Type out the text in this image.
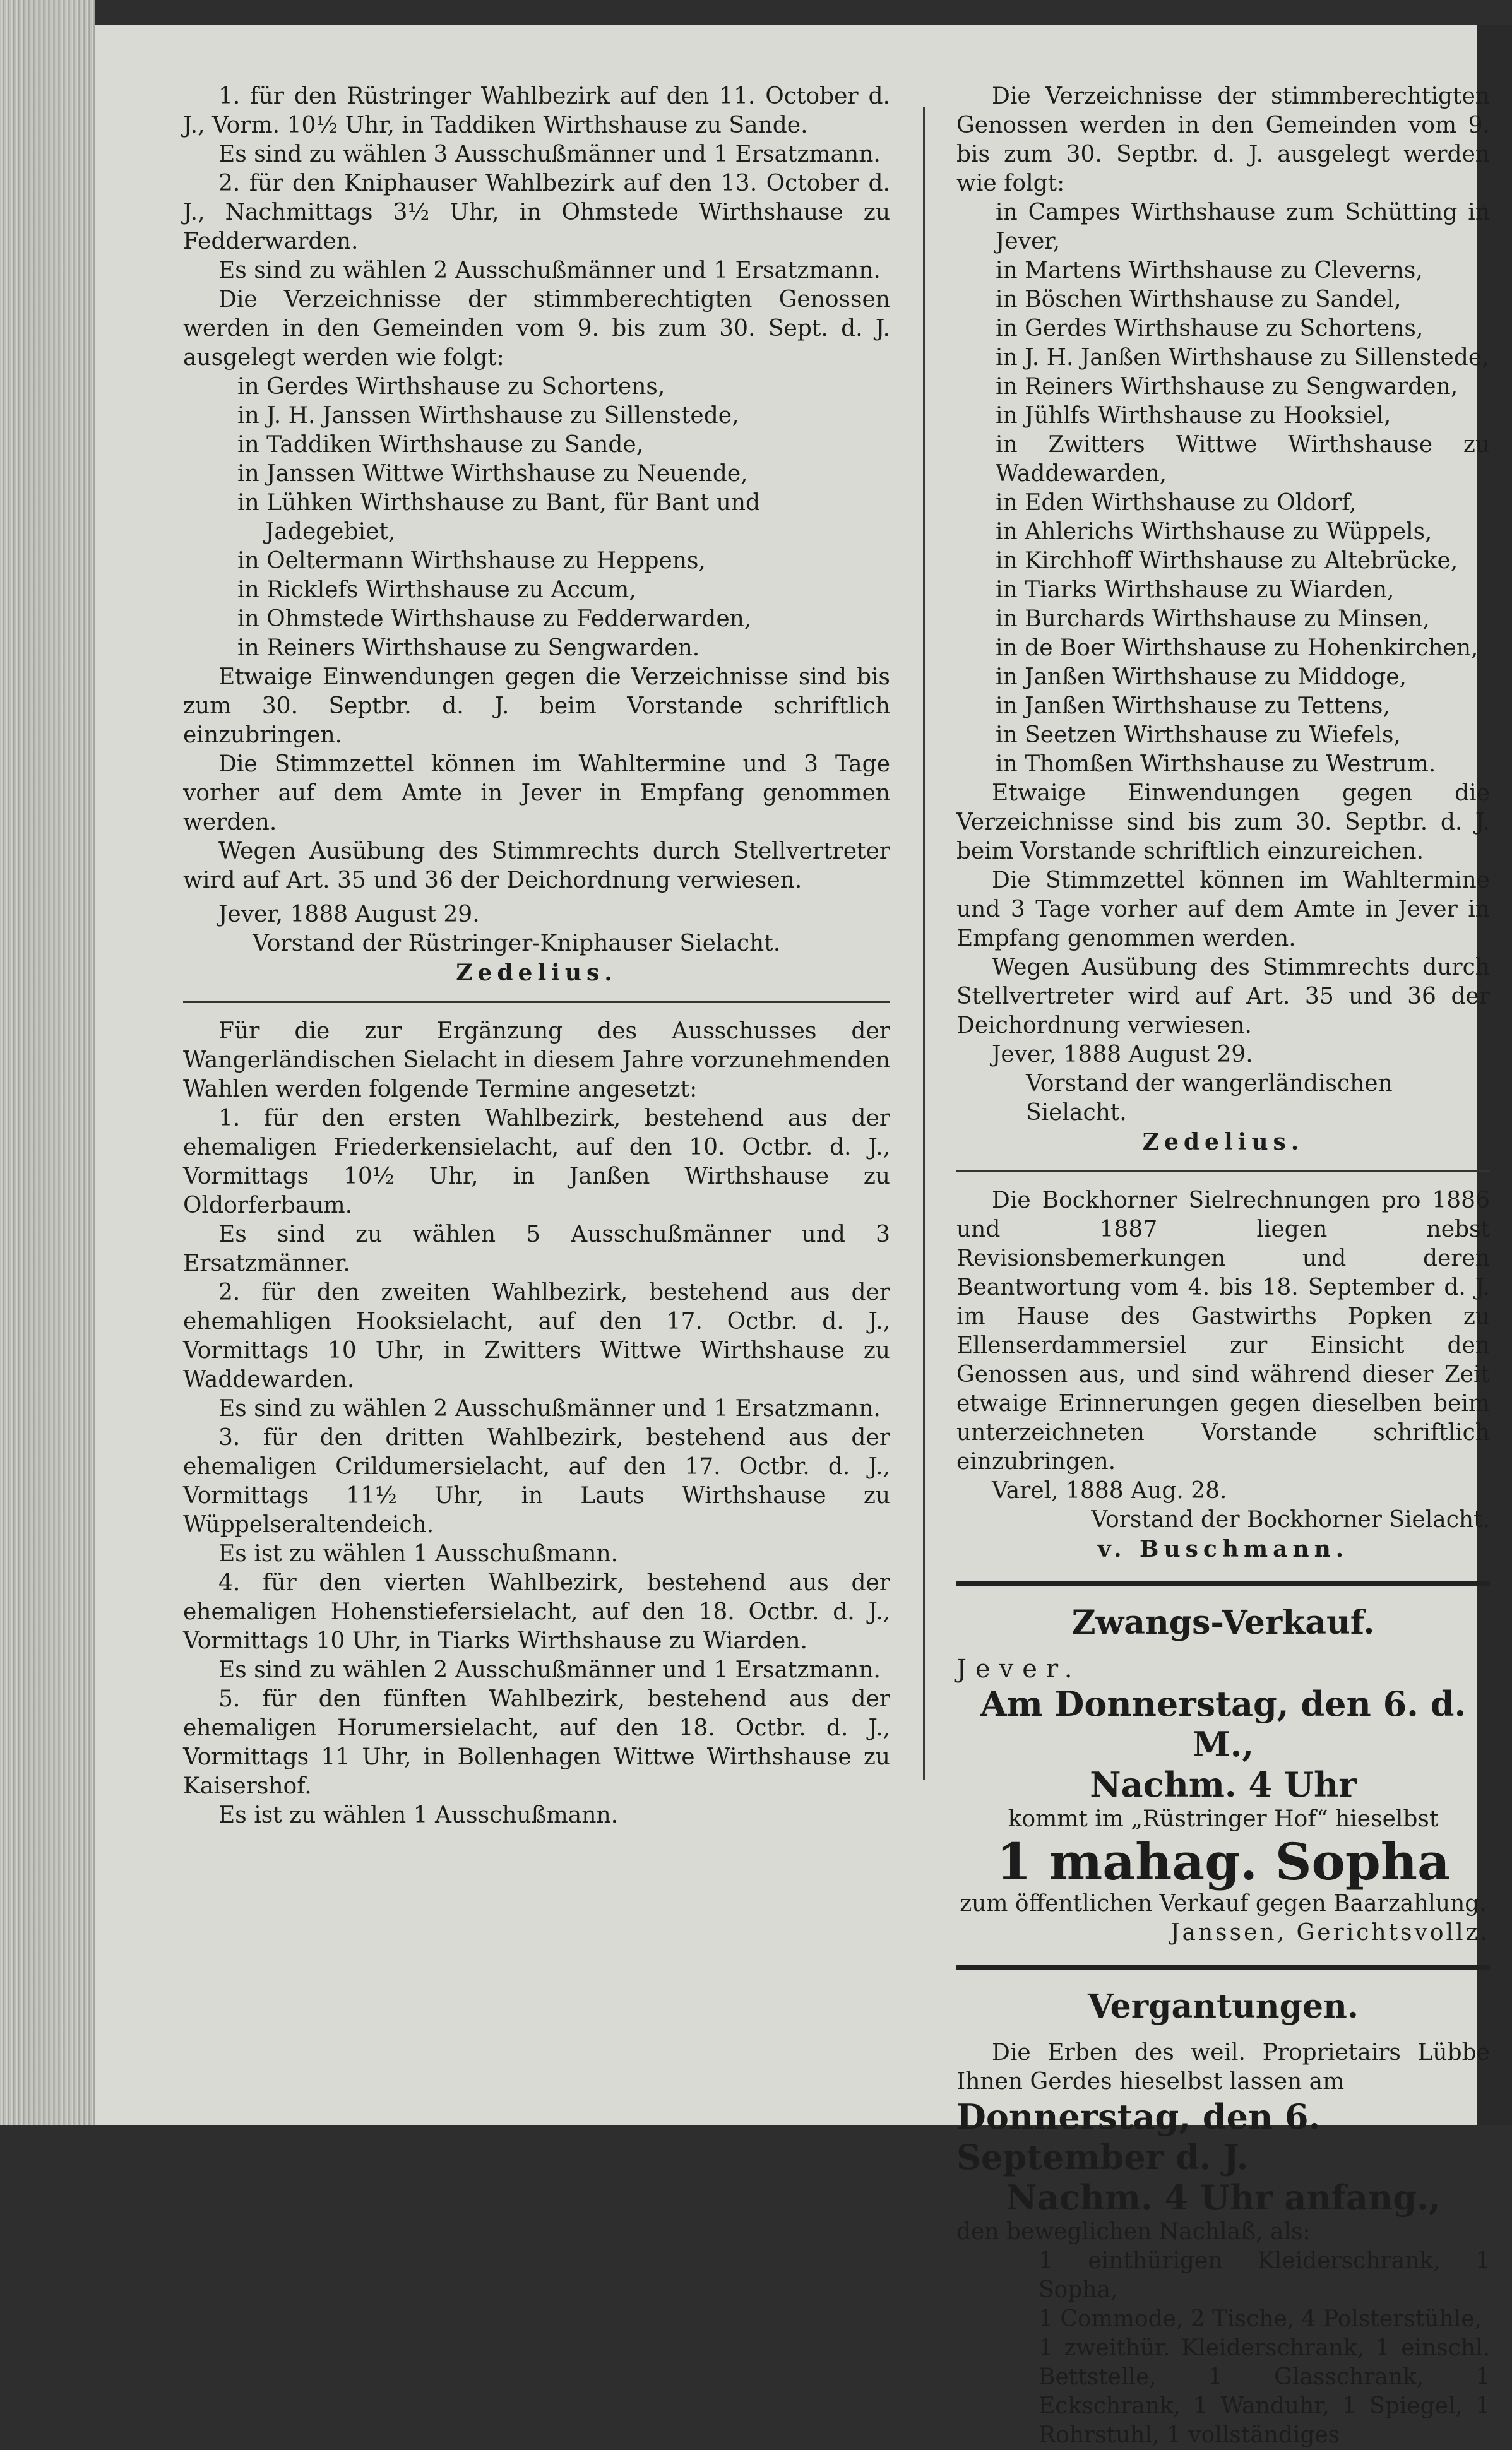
1. für den Rüstringer Wahlbezirk auf den 11. October d. J., Vorm. 10½ Uhr, in Taddiken Wirthshause zu Sande.

Es sind zu wählen 3 Ausschußmänner und 1 Ersatzmann.

2. für den Kniphauser Wahlbezirk auf den 13. October d. J., Nachmittags 3½ Uhr, in Ohmstede Wirthshause zu Fedderwarden.

Es sind zu wählen 2 Ausschußmänner und 1 Ersatzmann.

Die Verzeichnisse der stimmberechtigten Genossen werden in den Gemeinden vom 9. bis zum 30. Sept. d. J. ausgelegt werden wie folgt:

in Gerdes Wirthshause zu Schortens,

in J. H. Janssen Wirthshause zu Sillenstede,

in Taddiken Wirthshause zu Sande,

in Janssen Wittwe Wirthshause zu Neuende,

in Lühken Wirthshause zu Bant, für Bant und

Jadegebiet,

in Oeltermann Wirthshause zu Heppens,

in Ricklefs Wirthshause zu Accum,

in Ohmstede Wirthshause zu Fedderwarden,

in Reiners Wirthshause zu Sengwarden.

Etwaige Einwendungen gegen die Verzeichnisse sind bis zum 30. Septbr. d. J. beim Vorstande schriftlich einzubringen.

Die Stimmzettel können im Wahltermine und 3 Tage vorher auf dem Amte in Jever in Empfang genommen werden.

Wegen Ausübung des Stimmrechts durch Stellvertreter wird auf Art. 35 und 36 der Deichordnung verwiesen.

Jever, 1888 August 29.

Vorstand der Rüstringer-Kniphauser Sielacht.

Zedelius.

Für die zur Ergänzung des Ausschusses der Wangerländischen Sielacht in diesem Jahre vorzunehmenden Wahlen werden folgende Termine angesetzt:

1. für den ersten Wahlbezirk, bestehend aus der ehemaligen Friederkensielacht, auf den 10. Octbr. d. J., Vormittags 10½ Uhr, in Janßen Wirthshause zu Oldorferbaum.

Es sind zu wählen 5 Ausschußmänner und 3 Ersatzmänner.

2. für den zweiten Wahlbezirk, bestehend aus der ehemahligen Hooksielacht, auf den 17. Octbr. d. J., Vormittags 10 Uhr, in Zwitters Wittwe Wirthshause zu Waddewarden.

Es sind zu wählen 2 Ausschußmänner und 1 Ersatzmann.

3. für den dritten Wahlbezirk, bestehend aus der ehemaligen Crildumersielacht, auf den 17. Octbr. d. J., Vormittags 11½ Uhr, in Lauts Wirthshause zu Wüppelseraltendeich.

Es ist zu wählen 1 Ausschußmann.

4. für den vierten Wahlbezirk, bestehend aus der ehemaligen Hohenstiefersielacht, auf den 18. Octbr. d. J., Vormittags 10 Uhr, in Tiarks Wirthshause zu Wiarden.

Es sind zu wählen 2 Ausschußmänner und 1 Ersatzmann.

5. für den fünften Wahlbezirk, bestehend aus der ehemaligen Horumersielacht, auf den 18. Octbr. d. J., Vormittags 11 Uhr, in Bollenhagen Wittwe Wirthshause zu Kaisershof.

Es ist zu wählen 1 Ausschußmann.

Die Verzeichnisse der stimmberechtigten Genossen werden in den Gemeinden vom 9. bis zum 30. Septbr. d. J. ausgelegt werden wie folgt:

in Campes Wirthshause zum Schütting in Jever,

in Martens Wirthshause zu Cleverns,

in Böschen Wirthshause zu Sandel,

in Gerdes Wirthshause zu Schortens,

in J. H. Janßen Wirthshause zu Sillenstede,

in Reiners Wirthshause zu Sengwarden,

in Jühlfs Wirthshause zu Hooksiel,

in Zwitters Wittwe Wirthshause zu Waddewarden,

in Eden Wirthshause zu Oldorf,

in Ahlerichs Wirthshause zu Wüppels,

in Kirchhoff Wirthshause zu Altebrücke,

in Tiarks Wirthshause zu Wiarden,

in Burchards Wirthshause zu Minsen,

in de Boer Wirthshause zu Hohenkirchen,

in Janßen Wirthshause zu Middoge,

in Janßen Wirthshause zu Tettens,

in Seetzen Wirthshause zu Wiefels,

in Thomßen Wirthshause zu Westrum.

Etwaige Einwendungen gegen die Verzeichnisse sind bis zum 30. Septbr. d. J. beim Vorstande schriftlich einzureichen.

Die Stimmzettel können im Wahltermine und 3 Tage vorher auf dem Amte in Jever in Empfang genommen werden.

Wegen Ausübung des Stimmrechts durch Stellvertreter wird auf Art. 35 und 36 der Deichordnung verwiesen.

Jever, 1888 August 29.

Vorstand der wangerländischen Sielacht.

Zedelius.

Die Bockhorner Sielrechnungen pro 1886 und 1887 liegen nebst Revisionsbemerkungen und deren Beantwortung vom 4. bis 18. September d. J. im Hause des Gastwirths Popken zu Ellenserdammersiel zur Einsicht den Genossen aus, und sind während dieser Zeit etwaige Erinnerungen gegen dieselben beim unterzeichneten Vorstande schriftlich einzubringen.

Varel, 1888 Aug. 28.

Vorstand der Bockhorner Sielacht.

v. Buschmann.

Zwangs-Verkauf.

Jever.

Am Donnerstag, den 6. d. M.,

Nachm. 4 Uhr

kommt im „Rüstringer Hof“ hieselbst

1 mahag. Sopha

zum öffentlichen Verkauf gegen Baarzahlung.

Janssen, Gerichtsvollz.

Vergantungen.

Die Erben des weil. Proprietairs Lübbe Ihnen Gerdes hieselbst lassen am

Donnerstag, den 6. September d. J.

Nachm. 4 Uhr anfang.,

den beweglichen Nachlaß, als:

1 einthürigen Kleiderschrank, 1 Sopha,

1 Commode, 2 Tische, 4 Polsterstühle,

1 zweithür. Kleiderschrank, 1 einschl. Bettstelle, 1 Glasschrank, 1 Eckschrank, 1 Wanduhr, 1 Spiegel, 1 Rohrstuhl, 1 vollständiges
